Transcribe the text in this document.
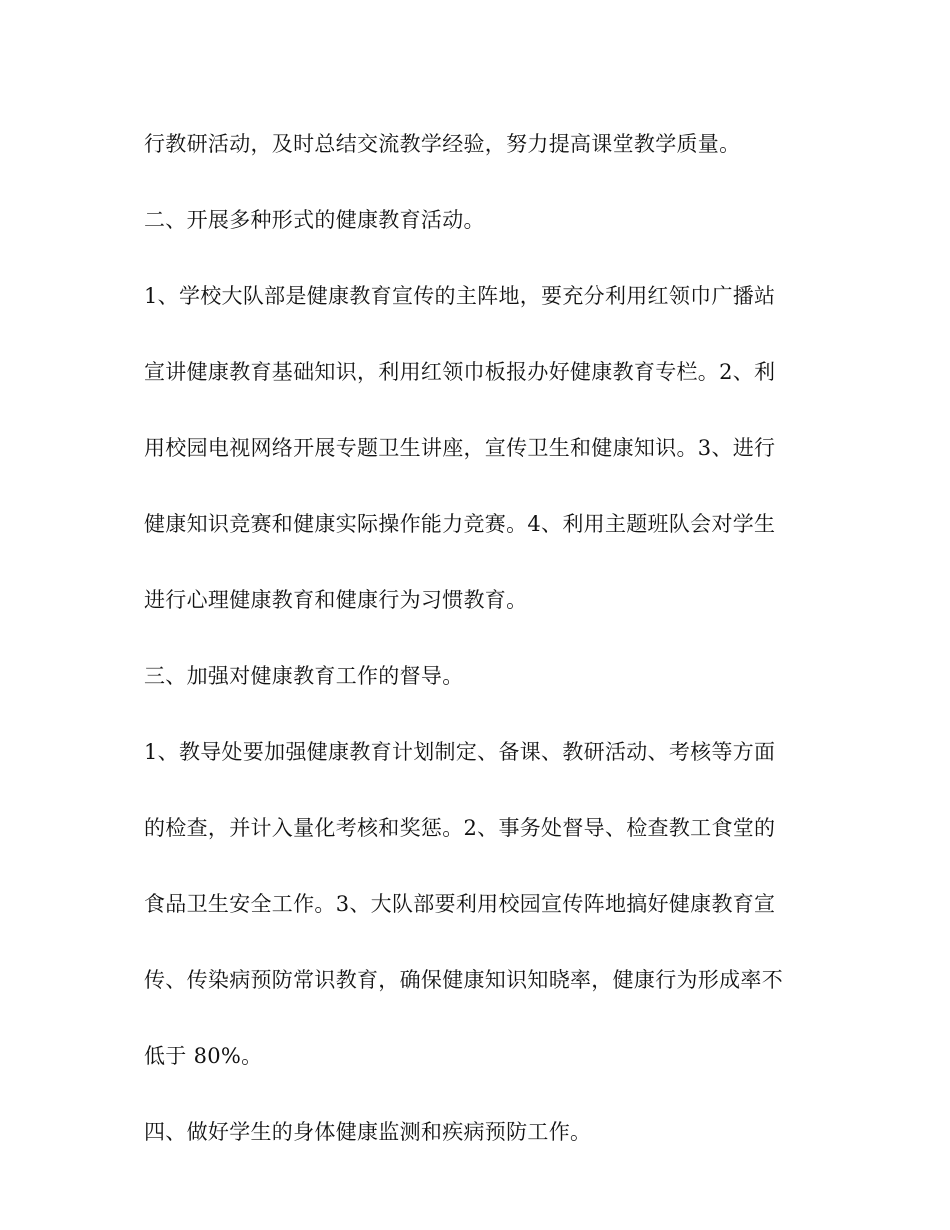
行教研活动，及时总结交流教学经验，努力提高课堂教学质量。
二、开展多种形式的健康教育活动。
1、学校大队部是健康教育宣传的主阵地，要充分利用红领巾广播站
宣讲健康教育基础知识，利用红领巾板报办好健康教育专栏。2、利
用校园电视网络开展专题卫生讲座，宣传卫生和健康知识。3、进行
健康知识竞赛和健康实际操作能力竞赛。4、利用主题班队会对学生
进行心理健康教育和健康行为习惯教育。
三、加强对健康教育工作的督导。
1、教导处要加强健康教育计划制定、备课、教研活动、考核等方面
的检查，并计入量化考核和奖惩。2、事务处督导、检查教工食堂的
食品卫生安全工作。3、大队部要利用校园宣传阵地搞好健康教育宣
传、传染病预防常识教育，确保健康知识知晓率，健康行为形成率不
低于 80%。
四、做好学生的身体健康监测和疾病预防工作。
